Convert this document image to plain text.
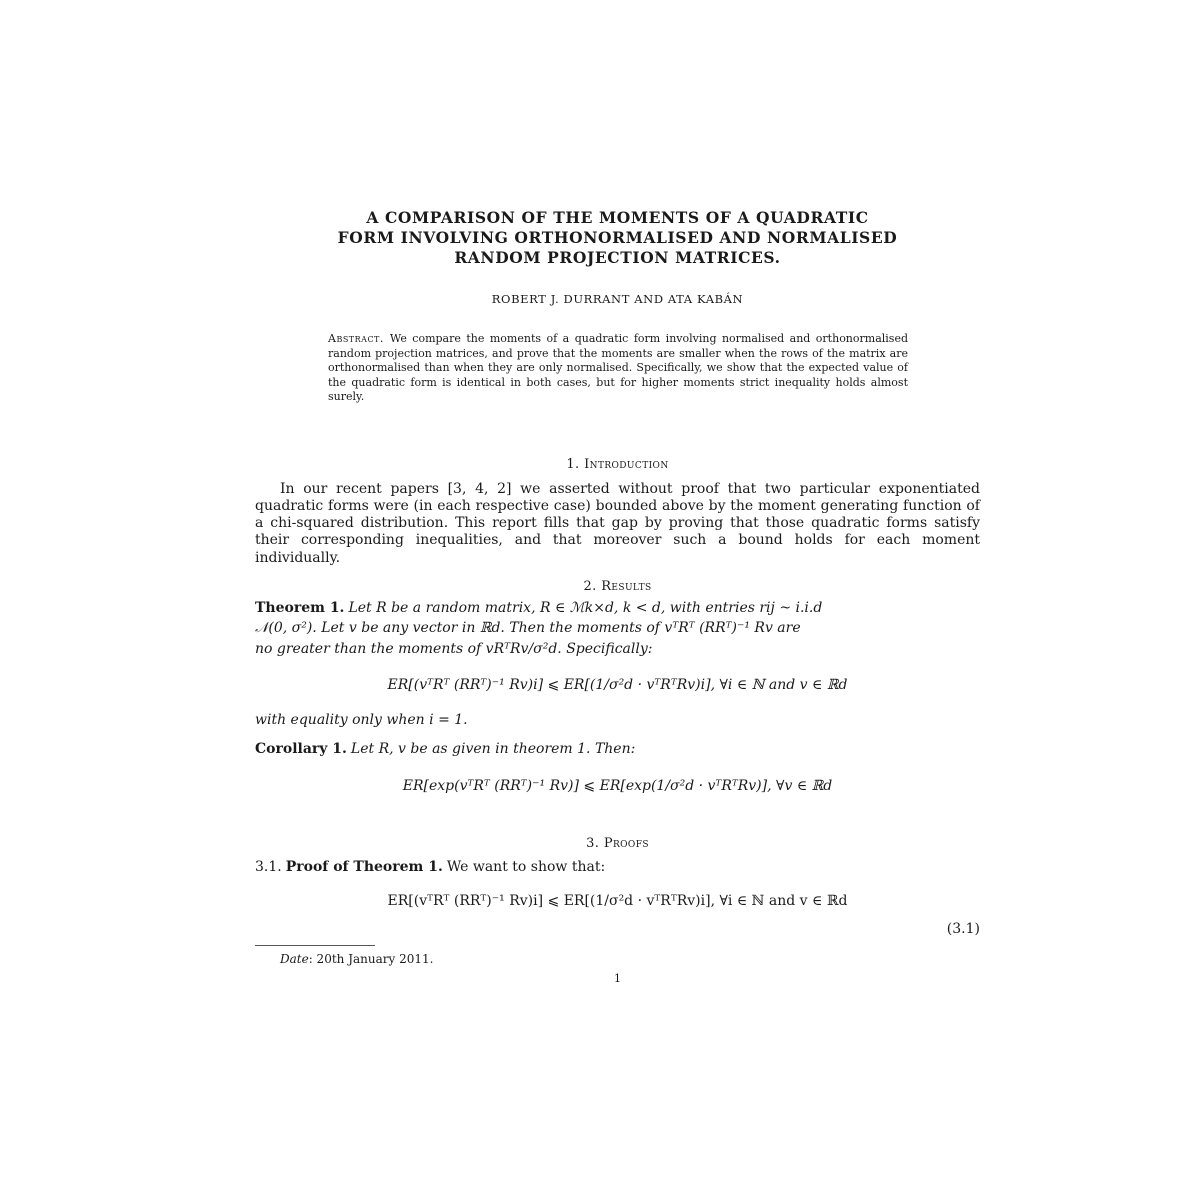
A COMPARISON OF THE MOMENTS OF A QUADRATIC
FORM INVOLVING ORTHONORMALISED AND NORMALISED
RANDOM PROJECTION MATRICES.
ROBERT J. DURRANT AND ATA KABÁN
Abstract. We compare the moments of a quadratic form involving normalised and orthonormalised random projection matrices, and prove that the moments are smaller when the rows of the matrix are orthonormalised than when they are only normalised. Specifically, we show that the expected value of the quadratic form is identical in both cases, but for higher moments strict inequality holds almost surely.
1. Introduction
In our recent papers [3, 4, 2] we asserted without proof that two particular exponentiated quadratic forms were (in each respective case) bounded above by the moment generating function of a chi-squared distribution. This report fills that gap by proving that those quadratic forms satisfy their corresponding inequalities, and that moreover such a bound holds for each moment individually.
2. Results
Theorem 1. Let R be a random matrix, R ∈ ℳk×d, k < d, with entries rij ~ i.i.d
𝒩(0, σ²). Let v be any vector in ℝd. Then the moments of vᵀRᵀ (RRᵀ)⁻¹ Rv are
no greater than the moments of vRᵀRv/σ²d. Specifically:
ER[(vᵀRᵀ (RRᵀ)⁻¹ Rv)i]
⩽
ER[(1/σ²d · vᵀRᵀRv)i] , ∀i ∈ ℕ and v ∈ ℝd
with equality only when i = 1.
Corollary 1. Let R, v be as given in theorem 1. Then:
ER[exp(vᵀRᵀ (RRᵀ)⁻¹ Rv)]
⩽
ER[exp(1/σ²d · vᵀRᵀRv)] , ∀v ∈ ℝd
3. Proofs
3.1. Proof of Theorem 1. We want to show that:
ER[(vᵀRᵀ (RRᵀ)⁻¹ Rv)i]
⩽
ER[(1/σ²d · vᵀRᵀRv)i] , ∀i ∈ ℕ and v ∈ ℝd
(3.1)
Date: 20th January 2011.
1
